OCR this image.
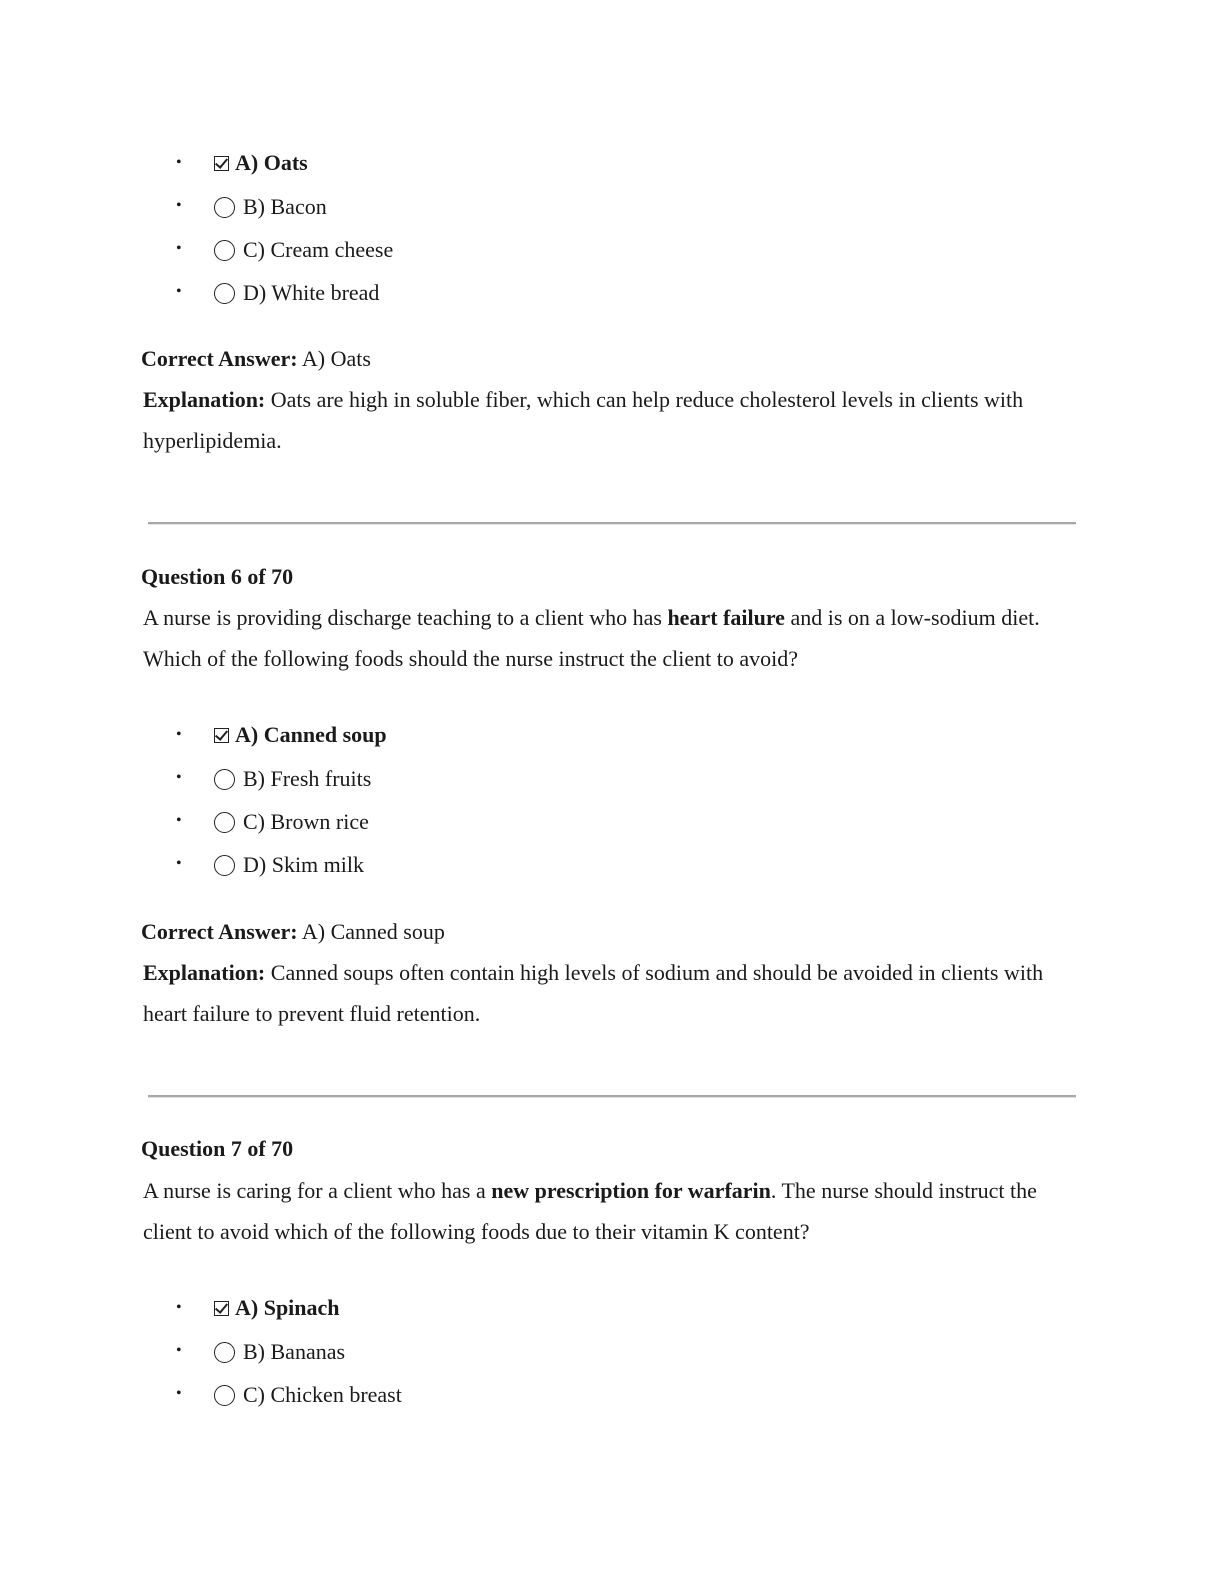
•	A) Oats
•	B) Bacon
•	C) Cream cheese
•	D) White bread

Correct Answer: A) Oats

Explanation: Oats are high in soluble fiber, which can help reduce cholesterol levels in clients with hyperlipidemia.

Question 6 of 70

A nurse is providing discharge teaching to a client who has heart failure and is on a low-sodium diet. Which of the following foods should the nurse instruct the client to avoid?

•	A) Canned soup
•	B) Fresh fruits
•	C) Brown rice
•	D) Skim milk

Correct Answer: A) Canned soup

Explanation: Canned soups often contain high levels of sodium and should be avoided in clients with heart failure to prevent fluid retention.

Question 7 of 70

A nurse is caring for a client who has a new prescription for warfarin. The nurse should instruct the client to avoid which of the following foods due to their vitamin K content?

•	A) Spinach
•	B) Bananas
•	C) Chicken breast
